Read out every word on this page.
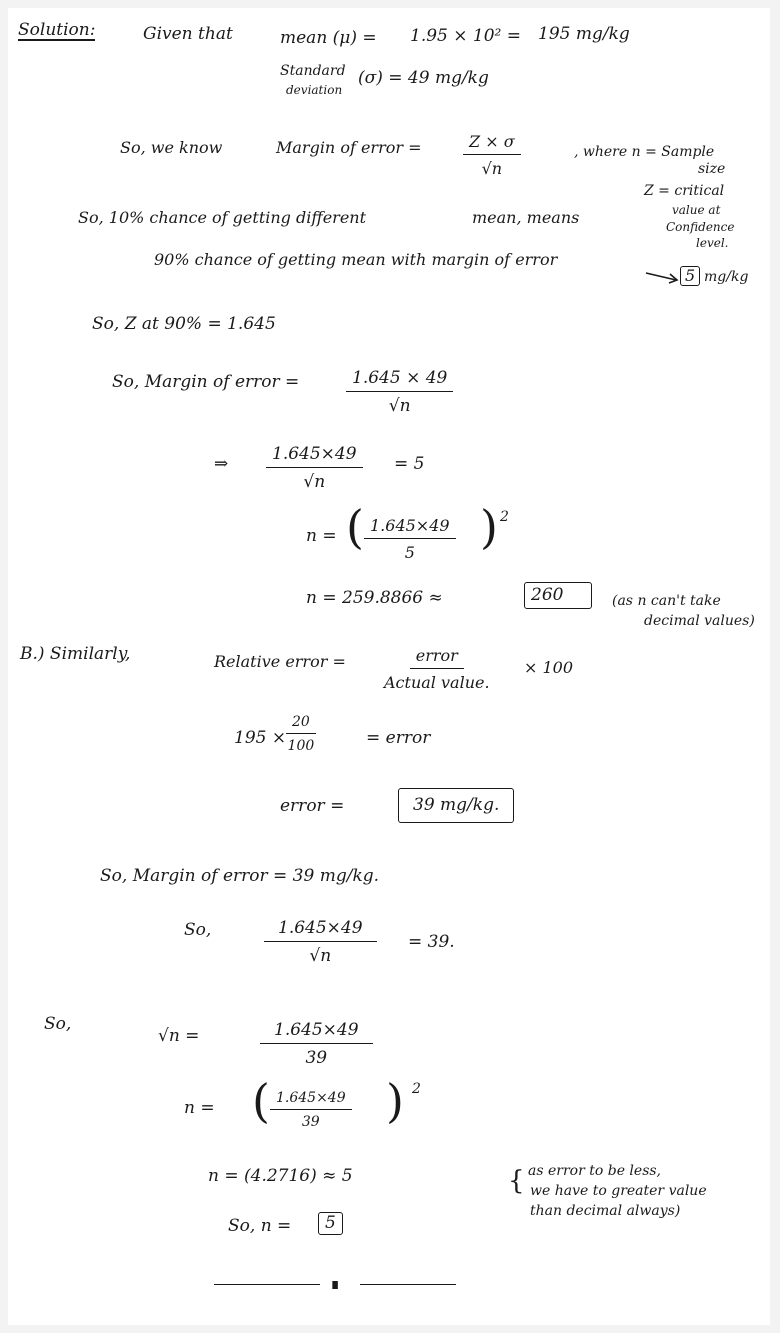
Solution:	Given that	mean (μ) = 1.95 × 10² = 195 mg/kg
Standard
deviation
(σ) = 49 mg/kg
So, we know	Margin of error =	$\frac{Z \times \sigma}{√n}$	, where n = Sample
size
Z = critical
value at
Confidence
level.
So, 10% chance of getting different	mean, means
90% chance of getting mean with margin of error
5 mg/kg
So, Z at 90% = 1.645
So, Margin of error =	$\frac{1.645 \times 49}{√n}$
⇒ $\frac{1.645\times 49}{√n} = 5$
n = ( $\frac{1.645\times 49}{5}$ ) 2
n = 259.8866 ≈	260	(as n can't take
decimal values)
B.) Similarly,	Relative error =	error
Actual value.
× 100
$195 \times \frac{20}{100}$	= error
error =	39 mg/kg.
So, Margin of error = 39 mg/kg.
So,	$\frac{1.645\times 49}{√n} = 39$.
So,
√n =	$\frac{1.645\times 49}{39}$
n = ( $\frac{1.645\times 49}{39}$ ) 2
n = (4.2716) ≈ 5	{ as error to be less,
we have to greater value
than decimal always)
So, n =	5
∎
